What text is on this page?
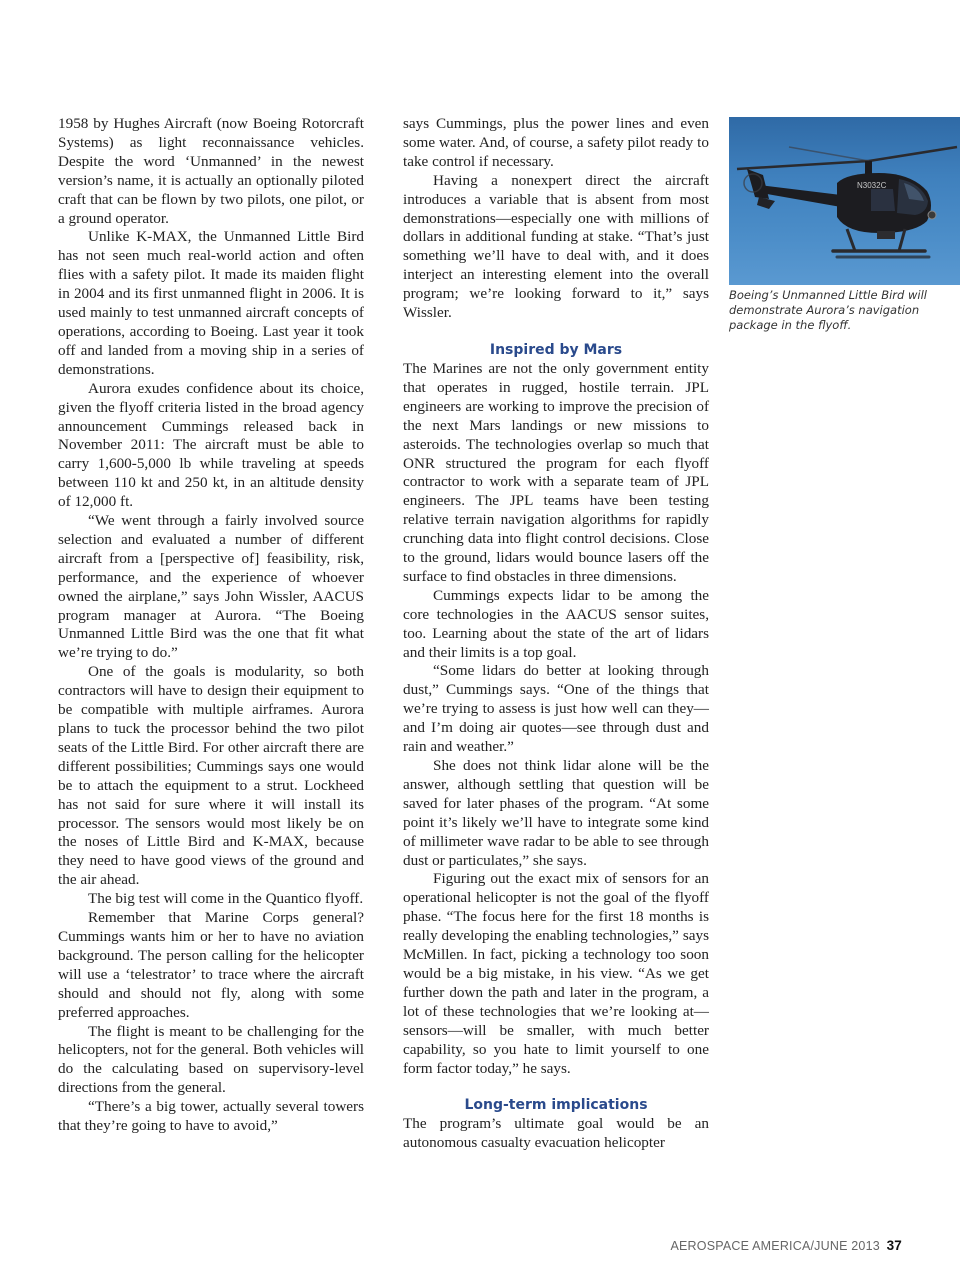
1958 by Hughes Aircraft (now Boeing Rotorcraft Systems) as light reconnaissance vehicles. Despite the word ‘Unmanned’ in the newest version’s name, it is actually an optionally piloted craft that can be flown by two pilots, one pilot, or a ground operator.

Unlike K-MAX, the Unmanned Little Bird has not seen much real-world action and often flies with a safety pilot. It made its maiden flight in 2004 and its first unmanned flight in 2006. It is used mainly to test unmanned aircraft concepts of operations, according to Boeing. Last year it took off and landed from a moving ship in a series of demonstrations.

Aurora exudes confidence about its choice, given the flyoff criteria listed in the broad agency announcement Cummings released back in November 2011: The aircraft must be able to carry 1,600-5,000 lb while traveling at speeds between 110 kt and 250 kt, in an altitude density of 12,000 ft.

“We went through a fairly involved source selection and evaluated a number of different aircraft from a [perspective of] feasibility, risk, performance, and the experience of whoever owned the airplane,” says John Wissler, AACUS program manager at Aurora. “The Boeing Unmanned Little Bird was the one that fit what we’re trying to do.”

One of the goals is modularity, so both contractors will have to design their equipment to be compatible with multiple airframes. Aurora plans to tuck the processor behind the two pilot seats of the Little Bird. For other aircraft there are different possibilities; Cummings says one would be to attach the equipment to a strut. Lockheed has not said for sure where it will install its processor. The sensors would most likely be on the noses of Little Bird and K-MAX, because they need to have good views of the ground and the air ahead.

The big test will come in the Quantico flyoff.

Remember that Marine Corps general? Cummings wants him or her to have no aviation background. The person calling for the helicopter will use a ‘telestrator’ to trace where the aircraft should and should not fly, along with some preferred approaches.

The flight is meant to be challenging for the helicopters, not for the general. Both vehicles will do the calculating based on supervisory-level directions from the general.

“There’s a big tower, actually several towers that they’re going to have to avoid,”

says Cummings, plus the power lines and even some water. And, of course, a safety pilot ready to take control if necessary.

Having a nonexpert direct the aircraft introduces a variable that is absent from most demonstrations—especially one with millions of dollars in additional funding at stake. “That’s just something we’ll have to deal with, and it does interject an interesting element into the overall program; we’re looking forward to it,” says Wissler.

Inspired by Mars

The Marines are not the only government entity that operates in rugged, hostile terrain. JPL engineers are working to improve the precision of the next Mars landings or new missions to asteroids. The technologies overlap so much that ONR structured the program for each flyoff contractor to work with a separate team of JPL engineers. The JPL teams have been testing relative terrain navigation algorithms for rapidly crunching data into flight control decisions. Close to the ground, lidars would bounce lasers off the surface to find obstacles in three dimensions.

Cummings expects lidar to be among the core technologies in the AACUS sensor suites, too. Learning about the state of the art of lidars and their limits is a top goal.

“Some lidars do better at looking through dust,” Cummings says. “One of the things that we’re trying to assess is just how well can they—and I’m doing air quotes—see through dust and rain and weather.”

She does not think lidar alone will be the answer, although settling that question will be saved for later phases of the program. “At some point it’s likely we’ll have to integrate some kind of millimeter wave radar to be able to see through dust or particulates,” she says.

Figuring out the exact mix of sensors for an operational helicopter is not the goal of the flyoff phase. “The focus here for the first 18 months is really developing the enabling technologies,” says McMillen. In fact, picking a technology too soon would be a big mistake, in his view. “As we get further down the path and later in the program, a lot of these technologies that we’re looking at—sensors—will be smaller, with much better capability, so you hate to limit yourself to one form factor today,” he says.

Long-term implications

The program’s ultimate goal would be an autonomous casualty evacuation helicopter

N3032C
Boeing’s Unmanned Little Bird will demonstrate Aurora’s navigation package in the flyoff.
AEROSPACE AMERICA/JUNE 2013 37
